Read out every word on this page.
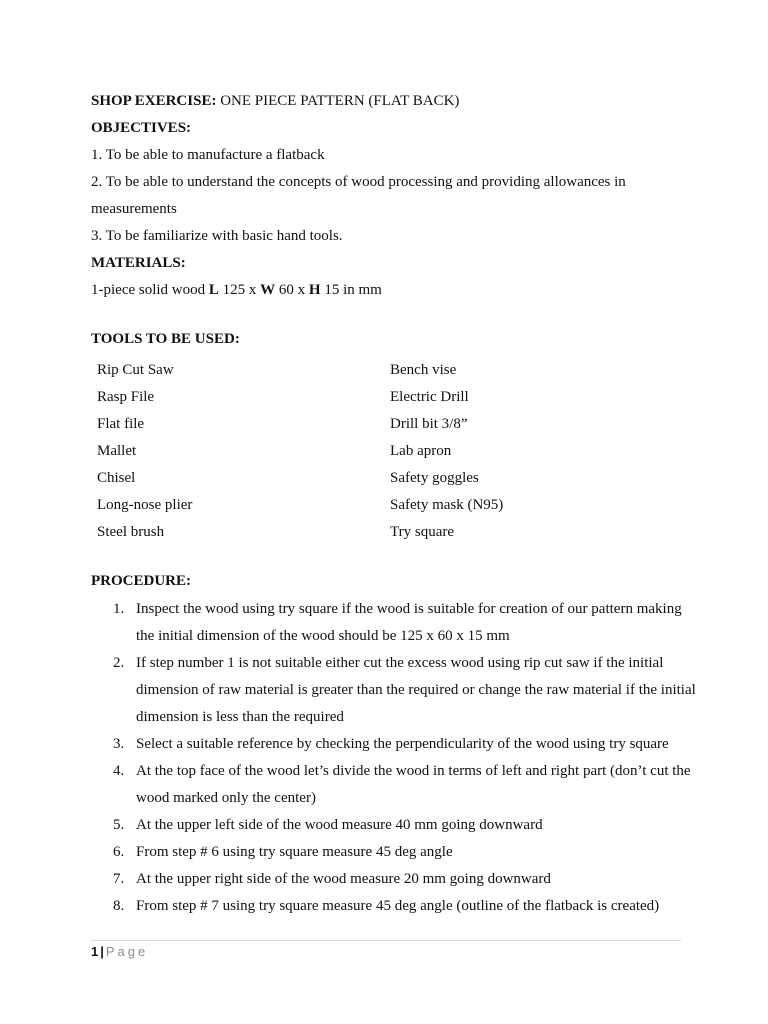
SHOP EXERCISE: ONE PIECE PATTERN (FLAT BACK)

OBJECTIVES:

1. To be able to manufacture a flatback

2. To be able to understand the concepts of wood processing and providing allowances in

measurements

3. To be familiarize with basic hand tools.

MATERIALS:

1-piece solid wood L 125 x W 60 x H 15 in mm

TOOLS TO BE USED:

Rip Cut Saw
Rasp File
Flat file
Mallet
Chisel
Long-nose plier
Steel brush
Bench vise
Electric Drill
Drill bit 3/8”
Lab apron
Safety goggles
Safety mask (N95)
Try square

PROCEDURE:

1. Inspect the wood using try square if the wood is suitable for creation of our pattern making the initial dimension of the wood should be 125 x 60 x 15 mm
2. If step number 1 is not suitable either cut the excess wood using rip cut saw if the initial dimension of raw material is greater than the required or change the raw material if the initial dimension is less than the required
3. Select a suitable reference by checking the perpendicularity of the wood using try square
4. At the top face of the wood let’s divide the wood in terms of left and right part (don’t cut the wood marked only the center)
5. At the upper left side of the wood measure 40 mm going downward
6. From step # 6 using try square measure 45 deg angle
7. At the upper right side of the wood measure 20 mm going downward
8. From step # 7 using try square measure 45 deg angle (outline of the flatback is created)
1 | Page
